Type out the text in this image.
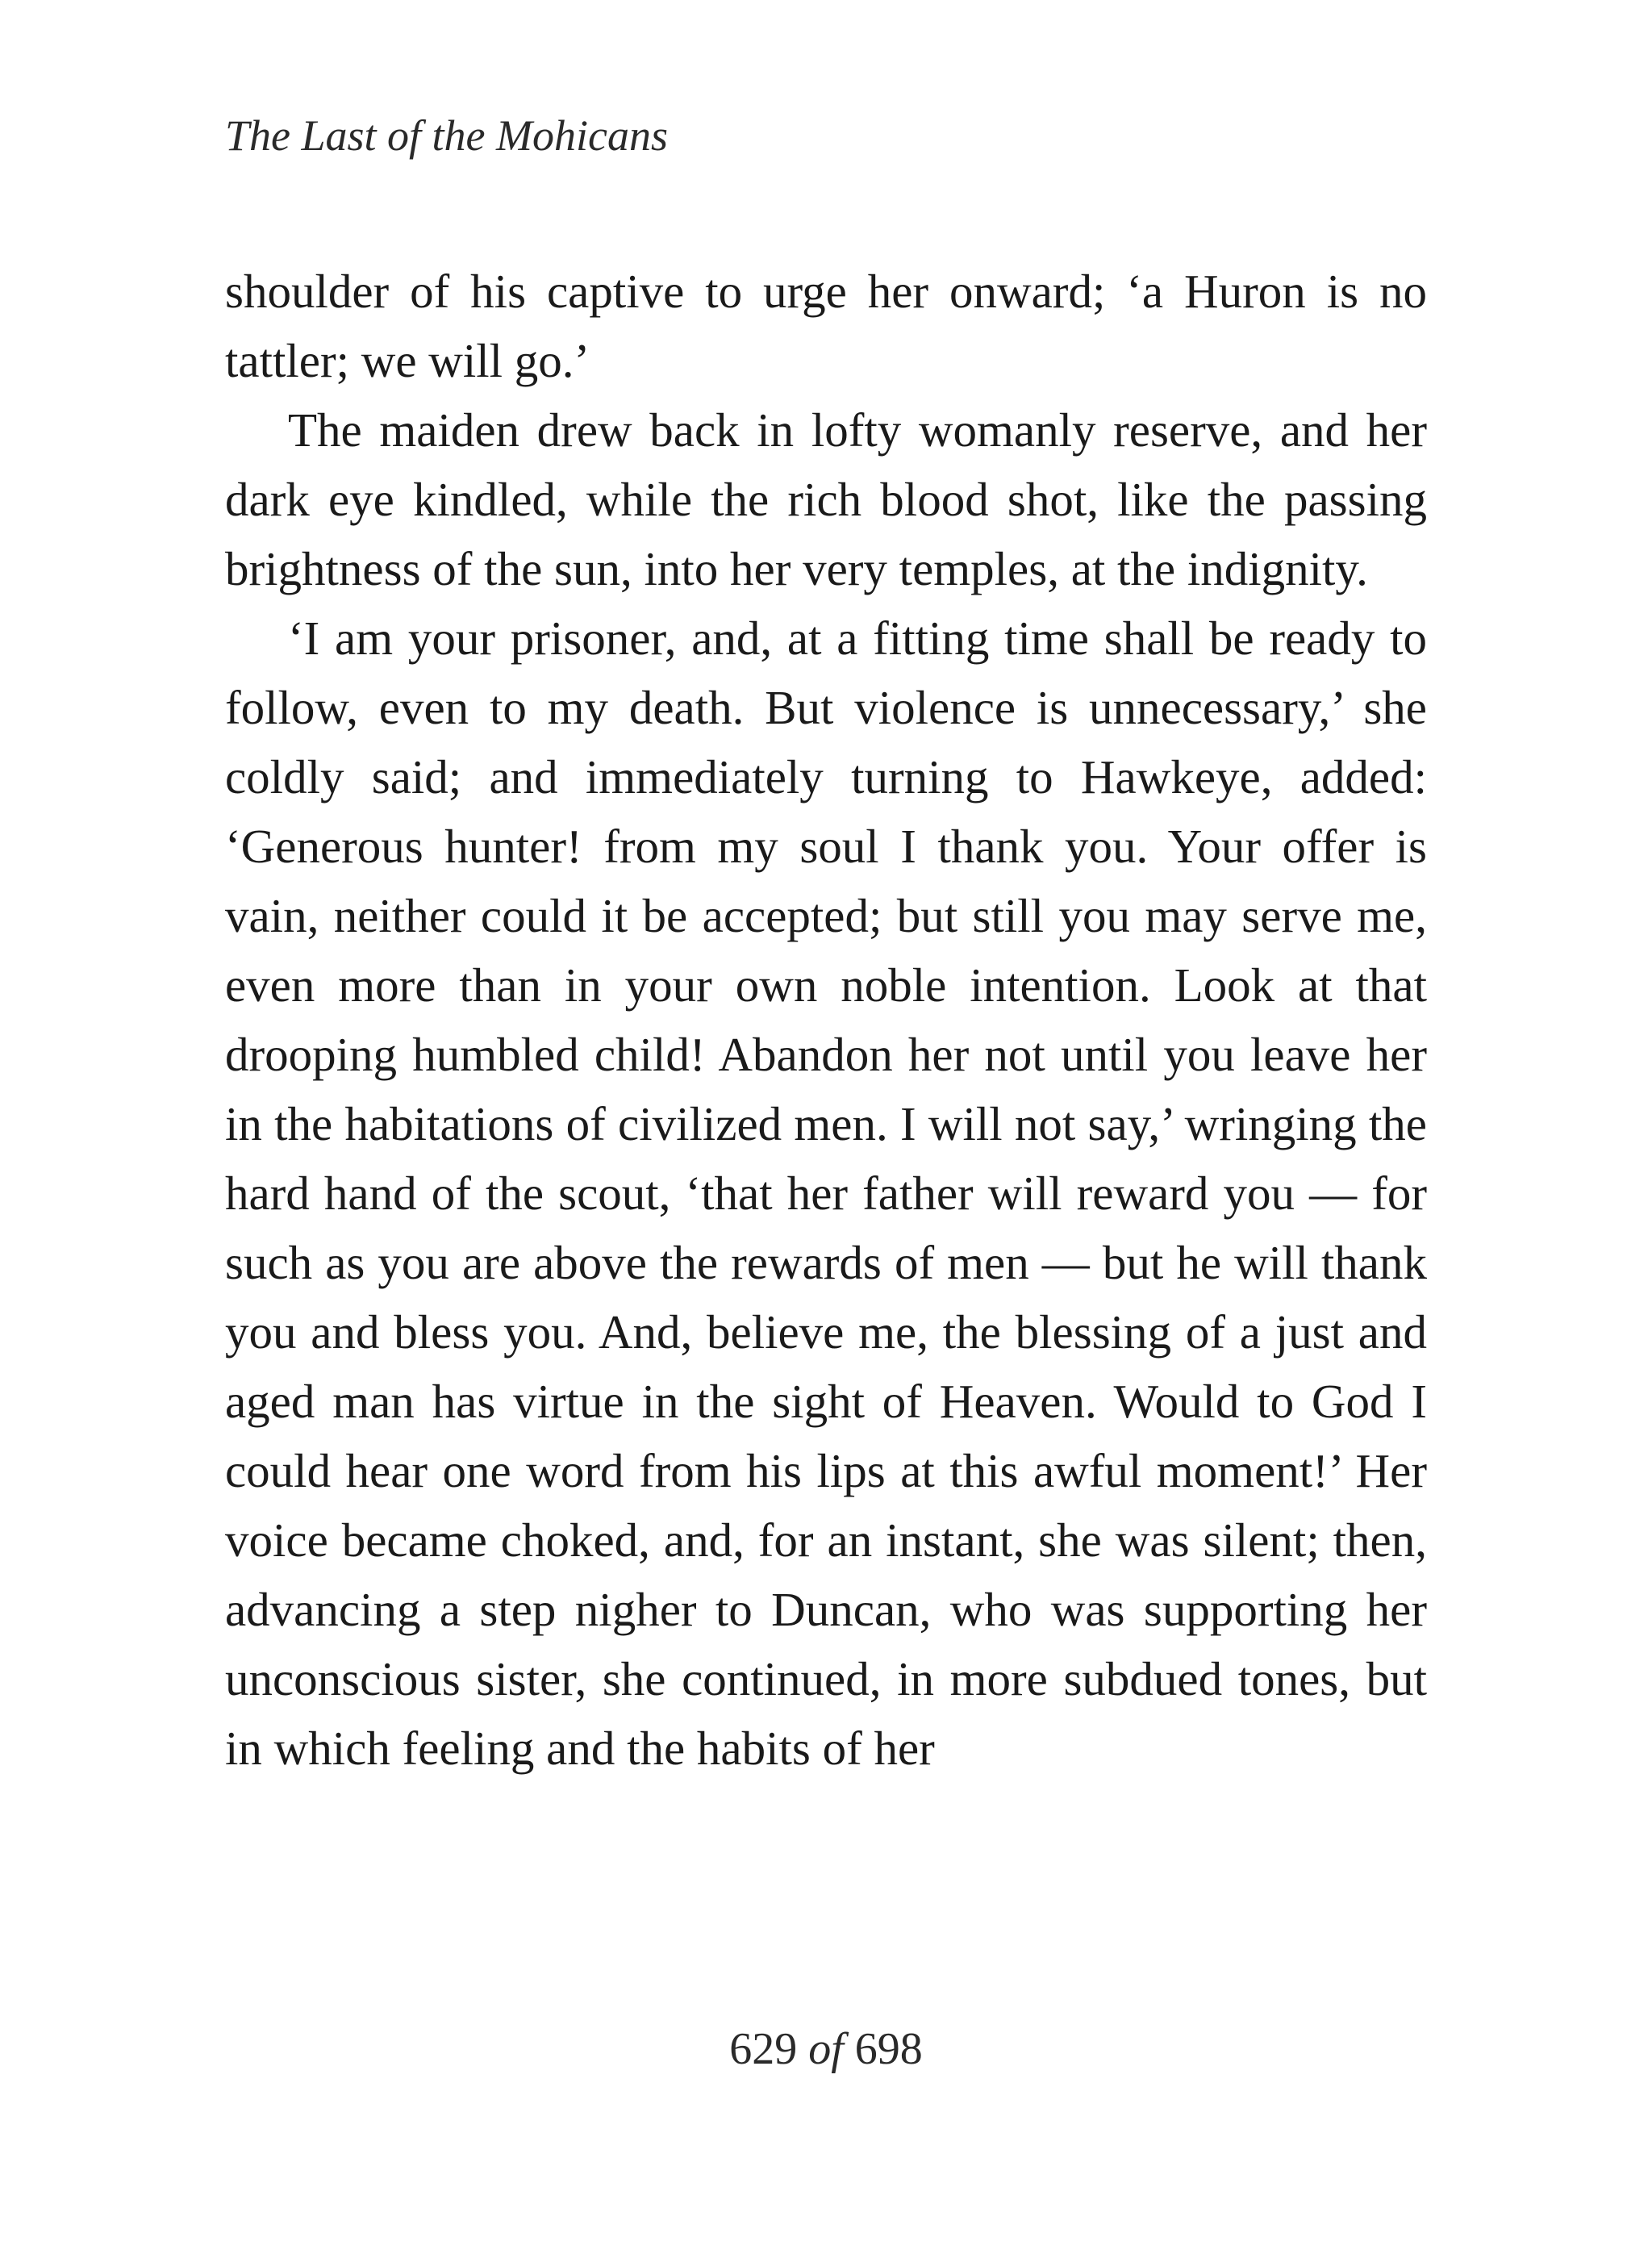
The Last of the Mohicans

shoulder of his captive to urge her onward; ‘a Huron is no tattler; we will go.’

The maiden drew back in lofty womanly reserve, and her dark eye kindled, while the rich blood shot, like the passing brightness of the sun, into her very temples, at the indignity.

‘I am your prisoner, and, at a fitting time shall be ready to follow, even to my death. But violence is unnecessary,’ she coldly said; and immediately turning to Hawkeye, added: ‘Generous hunter! from my soul I thank you. Your offer is vain, neither could it be accepted; but still you may serve me, even more than in your own noble intention. Look at that drooping humbled child! Abandon her not until you leave her in the habitations of civilized men. I will not say,’ wringing the hard hand of the scout, ‘that her father will reward you — for such as you are above the rewards of men — but he will thank you and bless you. And, believe me, the blessing of a just and aged man has virtue in the sight of Heaven. Would to God I could hear one word from his lips at this awful moment!’ Her voice became choked, and, for an instant, she was silent; then, advancing a step nigher to Duncan, who was supporting her unconscious sister, she continued, in more subdued tones, but in which feeling and the habits of her

629 of 698
